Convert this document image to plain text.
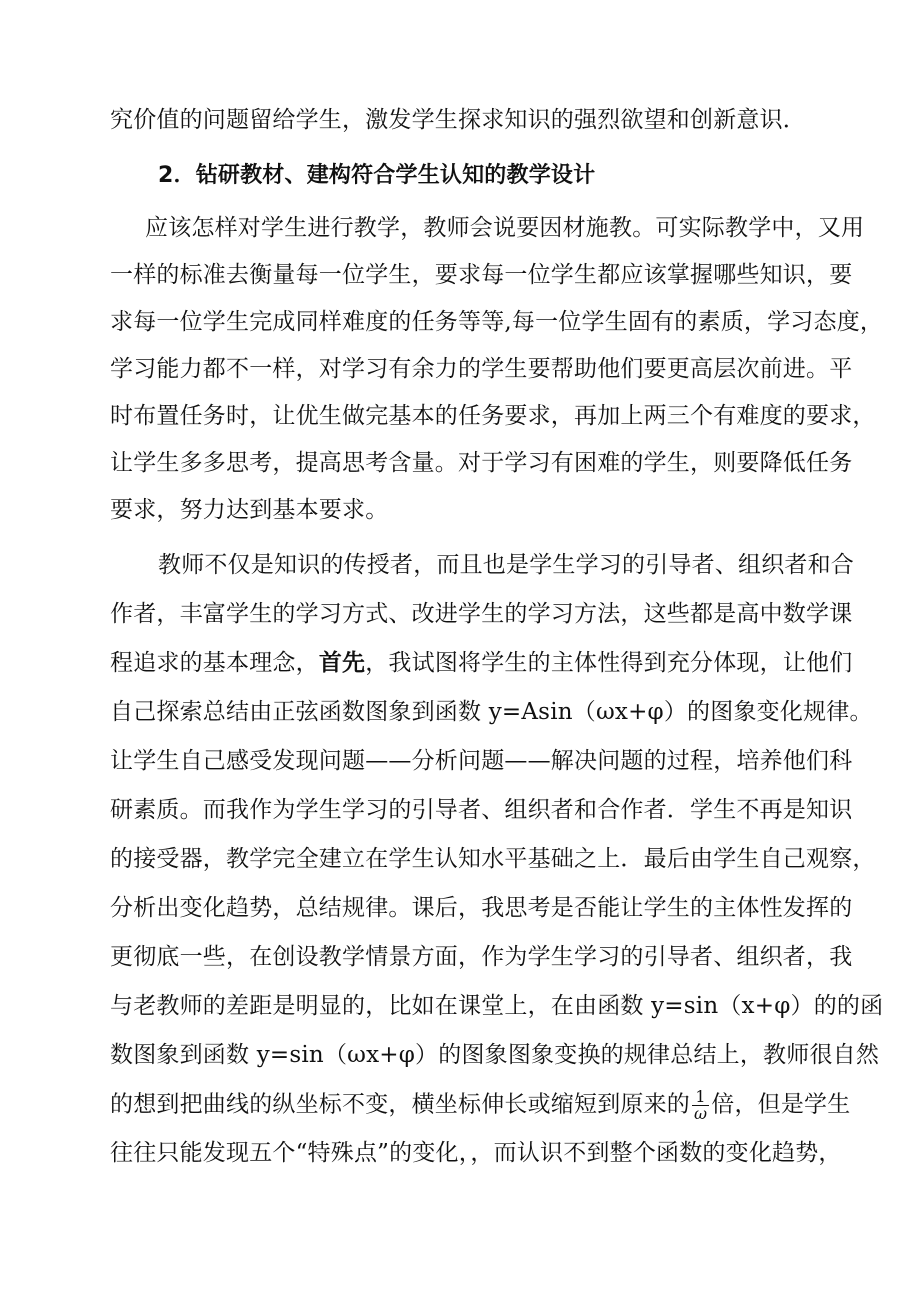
究价值的问题留给学生，激发学生探求知识的强烈欲望和创新意识．
2．钻研教材、建构符合学生认知的教学设计
应该怎样对学生进行教学，教师会说要因材施教。可实际教学中，又用
一样的标准去衡量每一位学生，要求每一位学生都应该掌握哪些知识，要
求每一位学生完成同样难度的任务等等,每一位学生固有的素质，学习态度，
学习能力都不一样，对学习有余力的学生要帮助他们要更高层次前进。平
时布置任务时，让优生做完基本的任务要求，再加上两三个有难度的要求，
让学生多多思考，提高思考含量。对于学习有困难的学生，则要降低任务
要求，努力达到基本要求。
教师不仅是知识的传授者，而且也是学生学习的引导者、组织者和合
作者，丰富学生的学习方式、改进学生的学习方法，这些都是高中数学课
程追求的基本理念，首先，我试图将学生的主体性得到充分体现，让他们
自己探索总结由正弦函数图象到函数 y=Asin（ωx+φ）的图象变化规律。
让学生自己感受发现问题——分析问题——解决问题的过程，培养他们科
研素质。而我作为学生学习的引导者、组织者和合作者．学生不再是知识
的接受器，教学完全建立在学生认知水平基础之上．最后由学生自己观察，
分析出变化趋势，总结规律。课后，我思考是否能让学生的主体性发挥的
更彻底一些，在创设教学情景方面，作为学生学习的引导者、组织者，我
与老教师的差距是明显的，比如在课堂上，在由函数 y=sin（x+φ）的的函
数图象到函数 y=sin（ωx+φ）的图象图象变换的规律总结上，教师很自然
的想到把曲线的纵坐标不变，横坐标伸长或缩短到原来的 $\frac{1}{\omega}$ 倍，但是学生
往往只能发现五个“特殊点”的变化，，而认识不到整个函数的变化趋势，
